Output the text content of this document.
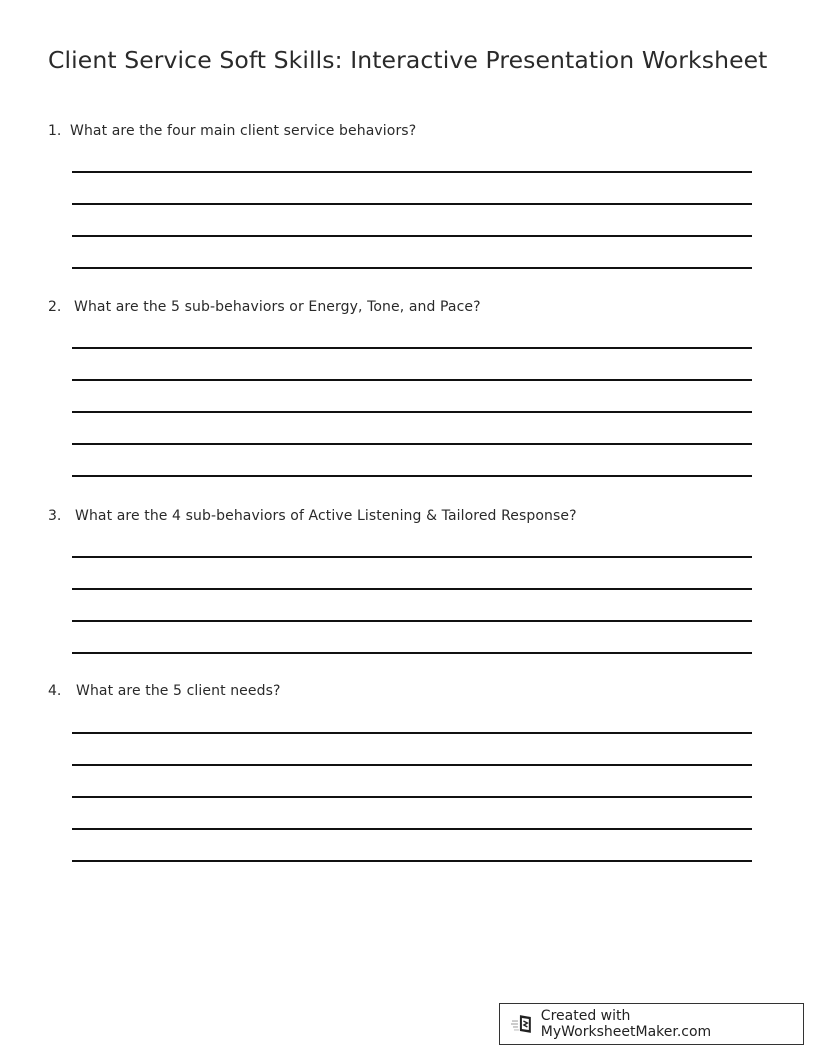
Client Service Soft Skills: Interactive Presentation Worksheet
1. What are the four main client service behaviors?
2. What are the 5 sub-behaviors or Energy, Tone, and Pace?
3. What are the 4 sub-behaviors of Active Listening & Tailored Response?
4. What are the 5 client needs?
Created with MyWorksheetMaker.com
